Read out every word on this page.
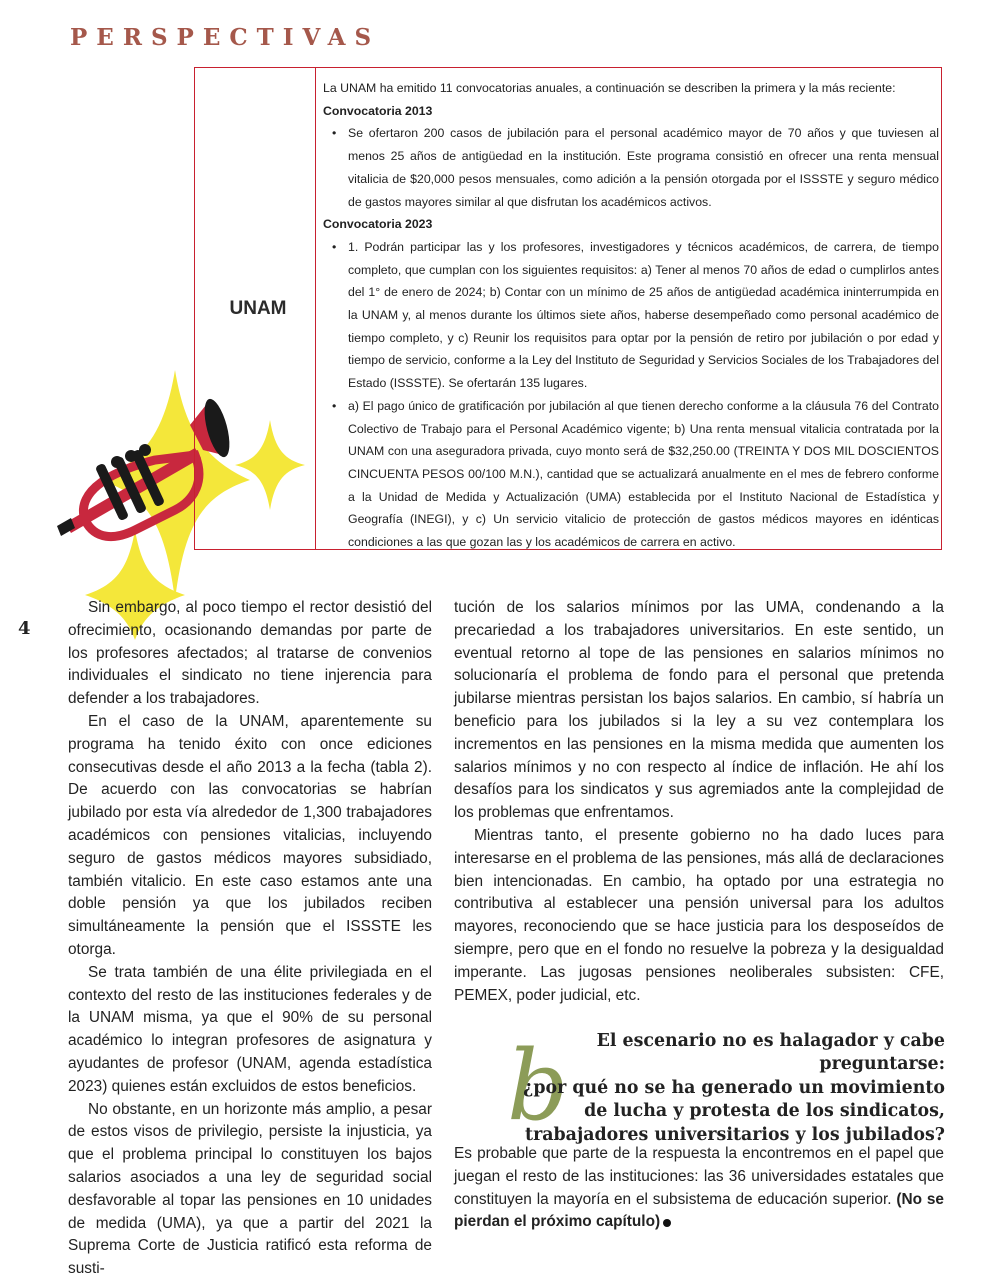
PERSPECTIVAS
UNAM

La UNAM ha emitido 11 convocatorias anuales, a continuación se describen la primera y la más reciente:

Convocatoria 2013

• Se ofertaron 200 casos de jubilación para el personal académico mayor de 70 años y que tuviesen al menos 25 años de antigüedad en la institución. Este programa consistió en ofrecer una renta mensual vitalicia de $20,000 pesos mensuales, como adición a la pensión otorgada por el ISSSTE y seguro médico de gastos mayores similar al que disfrutan los académicos activos.

Convocatoria 2023

• 1. Podrán participar las y los profesores, investigadores y técnicos académicos, de carrera, de tiempo completo, que cumplan con los siguientes requisitos: a) Tener al menos 70 años de edad o cumplirlos antes del 1° de enero de 2024; b) Contar con un mínimo de 25 años de antigüedad académica ininterrumpida en la UNAM y, al menos durante los últimos siete años, haberse desempeñado como personal académico de tiempo completo, y c) Reunir los requisitos para optar por la pensión de retiro por jubilación o por edad y tiempo de servicio, conforme a la Ley del Instituto de Seguridad y Servicios Sociales de los Trabajadores del Estado (ISSSTE). Se ofertarán 135 lugares.
• a) El pago único de gratificación por jubilación al que tienen derecho conforme a la cláusula 76 del Contrato Colectivo de Trabajo para el Personal Académico vigente; b) Una renta mensual vitalicia contratada por la UNAM con una aseguradora privada, cuyo monto será de $32,250.00 (TREINTA Y DOS MIL DOSCIENTOS CINCUENTA PESOS 00/100 M.N.), cantidad que se actualizará anualmente en el mes de febrero conforme a la Unidad de Medida y Actualización (UMA) establecida por el Instituto Nacional de Estadística y Geografía (INEGI), y c) Un servicio vitalicio de protección de gastos médicos mayores en idénticas condiciones a las que gozan las y los académicos de carrera en activo.
4

Sin embargo, al poco tiempo el rector desistió del ofrecimiento, ocasionando demandas por parte de los profesores afectados; al tratarse de convenios individuales el sindicato no tiene injerencia para defender a los trabajadores.

En el caso de la UNAM, aparentemente su programa ha tenido éxito con once ediciones consecutivas desde el año 2013 a la fecha (tabla 2). De acuerdo con las convocatorias se habrían jubilado por esta vía alrededor de 1,300 trabajadores académicos con pensiones vitalicias, incluyendo seguro de gastos médicos mayores subsidiado, también vitalicio. En este caso estamos ante una doble pensión ya que los jubilados reciben simultáneamente la pensión que el ISSSTE les otorga.

Se trata también de una élite privilegiada en el contexto del resto de las instituciones federales y de la UNAM misma, ya que el 90% de su personal académico lo integran profesores de asignatura y ayudantes de profesor (UNAM, agenda estadística 2023) quienes están excluidos de estos beneficios.

No obstante, en un horizonte más amplio, a pesar de estos visos de privilegio, persiste la injusticia, ya que el problema principal lo constituyen los bajos salarios asociados a una ley de seguridad social desfavorable al topar las pensiones en 10 unidades de medida (UMA), ya que a partir del 2021 la Suprema Corte de Justicia ratificó esta reforma de susti-

tución de los salarios mínimos por las UMA, condenando a la precariedad a los trabajadores universitarios. En este sentido, un eventual retorno al tope de las pensiones en salarios mínimos no solucionaría el problema de fondo para el personal que pretenda jubilarse mientras persistan los bajos salarios. En cambio, sí habría un beneficio para los jubilados si la ley a su vez contemplara los incrementos en las pensiones en la misma medida que aumenten los salarios mínimos y no con respecto al índice de inflación. He ahí los desafíos para los sindicatos y sus agremiados ante la complejidad de los problemas que enfrentamos.

Mientras tanto, el presente gobierno no ha dado luces para interesarse en el problema de las pensiones, más allá de declaraciones bien intencionadas. En cambio, ha optado por una estrategia no contributiva al establecer una pensión universal para los adultos mayores, reconociendo que se hace justicia para los desposeídos de siempre, pero que en el fondo no resuelve la pobreza y la desigualdad imperante. Las jugosas pensiones neoliberales subsisten: CFE, PEMEX, poder judicial, etc.

b	El escenario no es halagador y cabe preguntarse:
¿por qué no se ha generado un movimiento
de lucha y protesta de los sindicatos,
trabajadores universitarios y los jubilados?

Es probable que parte de la respuesta la encontremos en el papel que juegan el resto de las instituciones: las 36 universidades estatales que constituyen la mayoría en el subsistema de educación superior. (No se pierdan el próximo capítulo)
